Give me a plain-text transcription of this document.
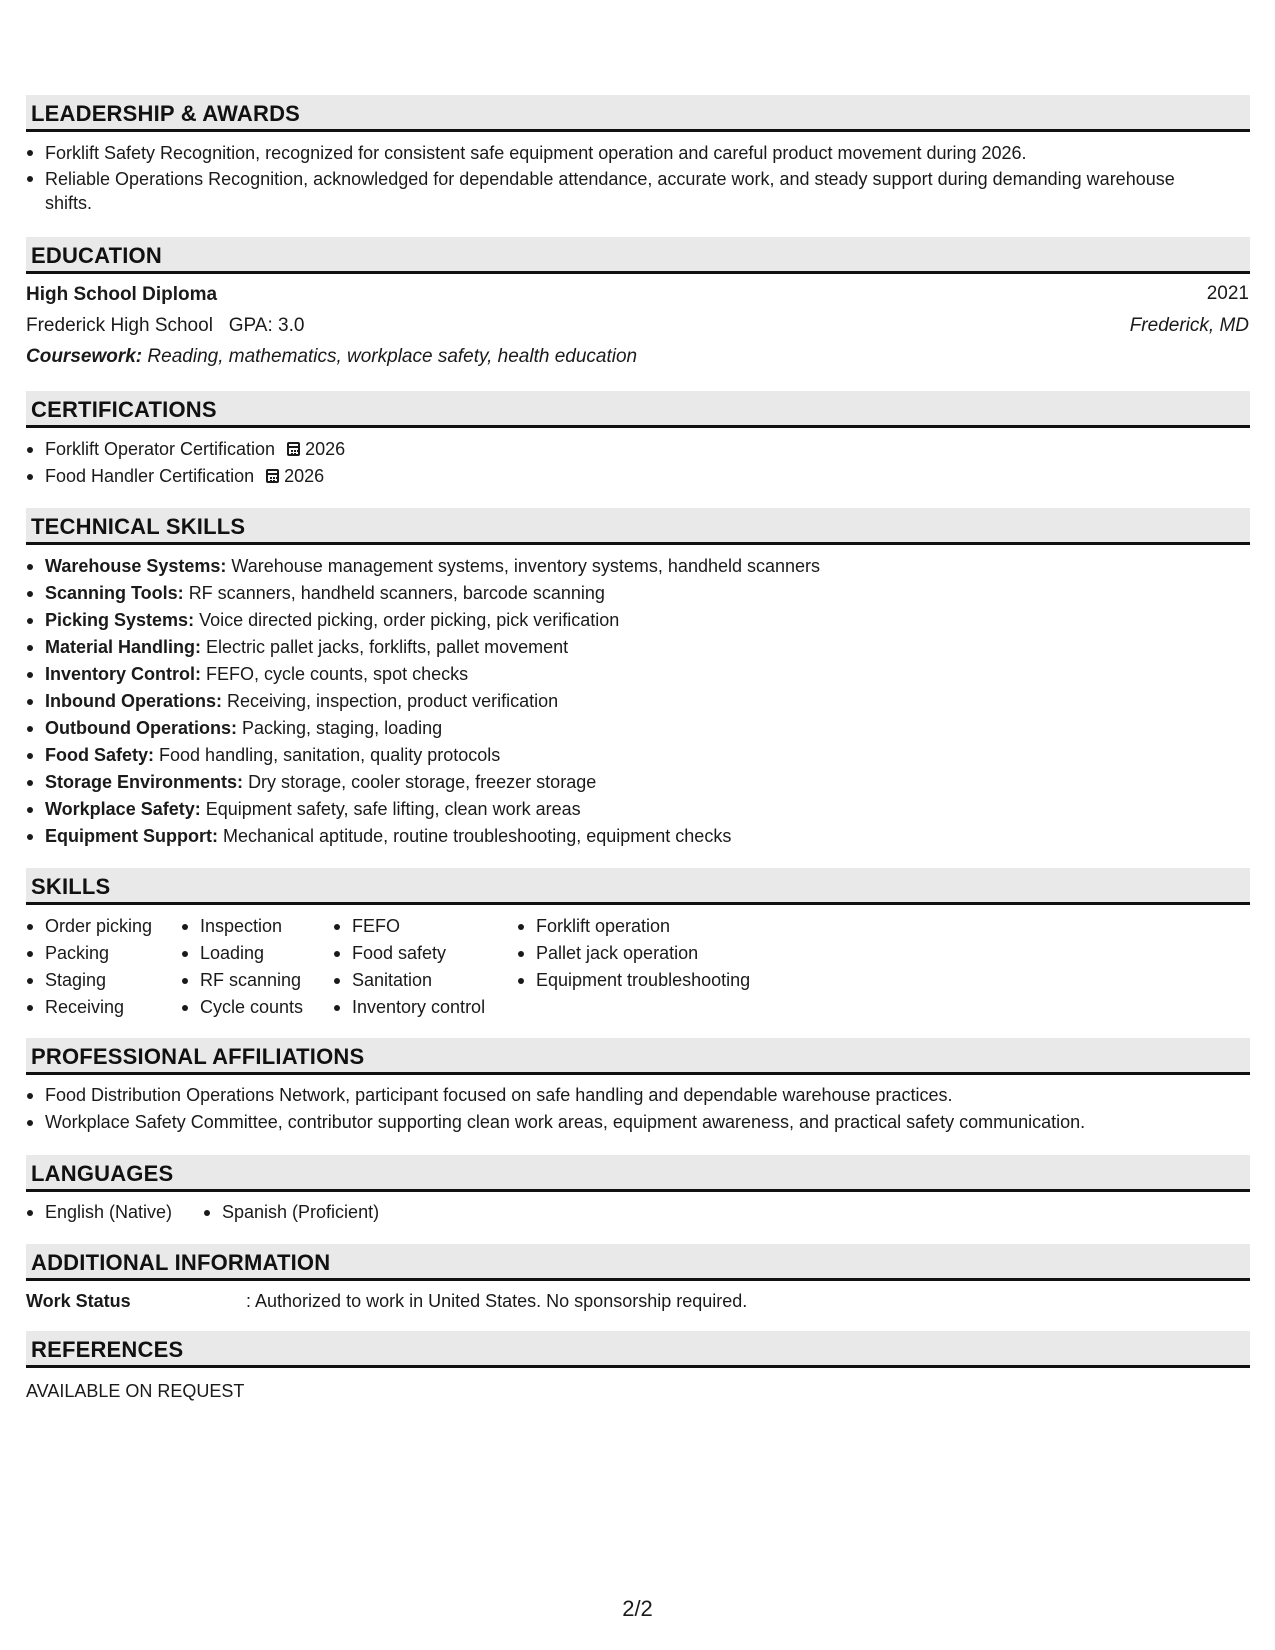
LEADERSHIP & AWARDS
Forklift Safety Recognition, recognized for consistent safe equipment operation and careful product movement during 2026.
Reliable Operations Recognition, acknowledged for dependable attendance, accurate work, and steady support during demanding warehouse shifts.
EDUCATION
High School Diploma	2021
Frederick High School GPA: 3.0	Frederick, MD
Coursework: Reading, mathematics, workplace safety, health education
CERTIFICATIONS
Forklift Operator Certification 2026
Food Handler Certification 2026
TECHNICAL SKILLS
Warehouse Systems: Warehouse management systems, inventory systems, handheld scanners
Scanning Tools: RF scanners, handheld scanners, barcode scanning
Picking Systems: Voice directed picking, order picking, pick verification
Material Handling: Electric pallet jacks, forklifts, pallet movement
Inventory Control: FEFO, cycle counts, spot checks
Inbound Operations: Receiving, inspection, product verification
Outbound Operations: Packing, staging, loading
Food Safety: Food handling, sanitation, quality protocols
Storage Environments: Dry storage, cooler storage, freezer storage
Workplace Safety: Equipment safety, safe lifting, clean work areas
Equipment Support: Mechanical aptitude, routine troubleshooting, equipment checks
SKILLS
Order picking
Packing
Staging
Receiving
Inspection
Loading
RF scanning
Cycle counts
FEFO
Food safety
Sanitation
Inventory control
Forklift operation
Pallet jack operation
Equipment troubleshooting
PROFESSIONAL AFFILIATIONS
Food Distribution Operations Network, participant focused on safe handling and dependable warehouse practices.
Workplace Safety Committee, contributor supporting clean work areas, equipment awareness, and practical safety communication.
LANGUAGES
English (Native)	Spanish (Proficient)
ADDITIONAL INFORMATION
Work Status	: Authorized to work in United States. No sponsorship required.
REFERENCES
AVAILABLE ON REQUEST
2/2
